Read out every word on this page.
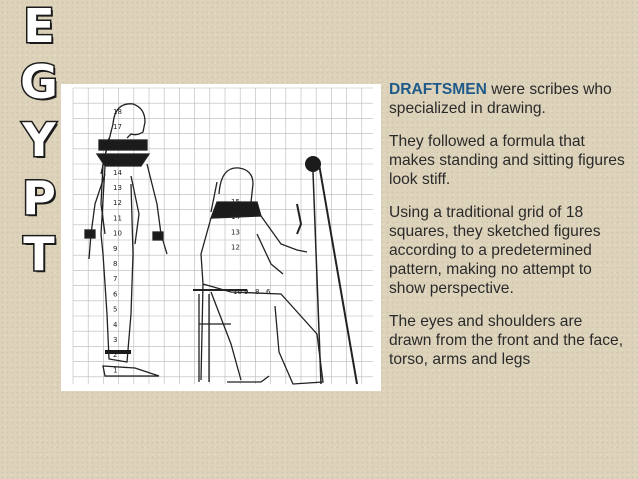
E
G
Y
P
T
18
17
16
15
14
13
12
11
10
9
8
7
6
5
4
3
2
1
15
14
13
12
10 9 8 6

DRAFTSMEN were scribes who specialized in drawing.

They followed a formula that makes standing and sitting figures look stiff.

Using a traditional grid of 18 squares, they sketched figures according to a predetermined pattern, making no attempt to show perspective.

The eyes and shoulders are drawn from the front and the face, torso, arms and legs
